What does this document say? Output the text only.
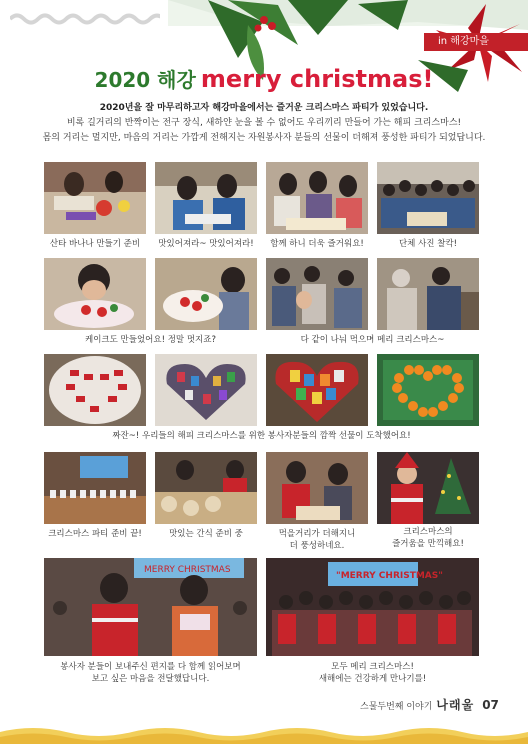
in 해강마을
2020 해강 merry christmas!
2020년을 잘 마무리하고자 해강마을에서는 즐거운 크리스마스 파티가 있었습니다.
비록 길거리의 반짝이는 전구 장식, 새하얀 눈을 볼 수 없어도 우리끼리 만들어 가는 해피 크리스마스!
몸의 거리는 멀지만, 마음의 거리는 가깝게 전해지는 자원봉사자 분들의 선물이 더해져 풍성한 파티가 되었답니다.
산타 바나나 만들기 준비	맛있어져라~ 맛있어져라!	함께 하니 더욱 즐거워요!	단체 사진 찰칵!
케이크도 만들었어요! 정말 멋지죠?	다 같이 나눠 먹으며 메리 크리스마스~
짜잔~! 우리들의 해피 크리스마스를 위한 봉사자분들의 깜짝 선물이 도착했어요!
크리스마스 파티 준비 끝!	맛있는 간식 준비 중	먹을거리가 더해지니
더 풍성하네요.
크리스마스의
즐거움을 만끽해요!
MERRY CHRISTMAS
"MERRY CHRISTMAS"
봉사자 분들이 보내주신 편지를 다 함께 읽어보며
보고 싶은 마음을 전달했답니다.
모두 메리 크리스마스!
새해에는 건강하게 만나기를!
스물두번째 이야기 나래울 07
